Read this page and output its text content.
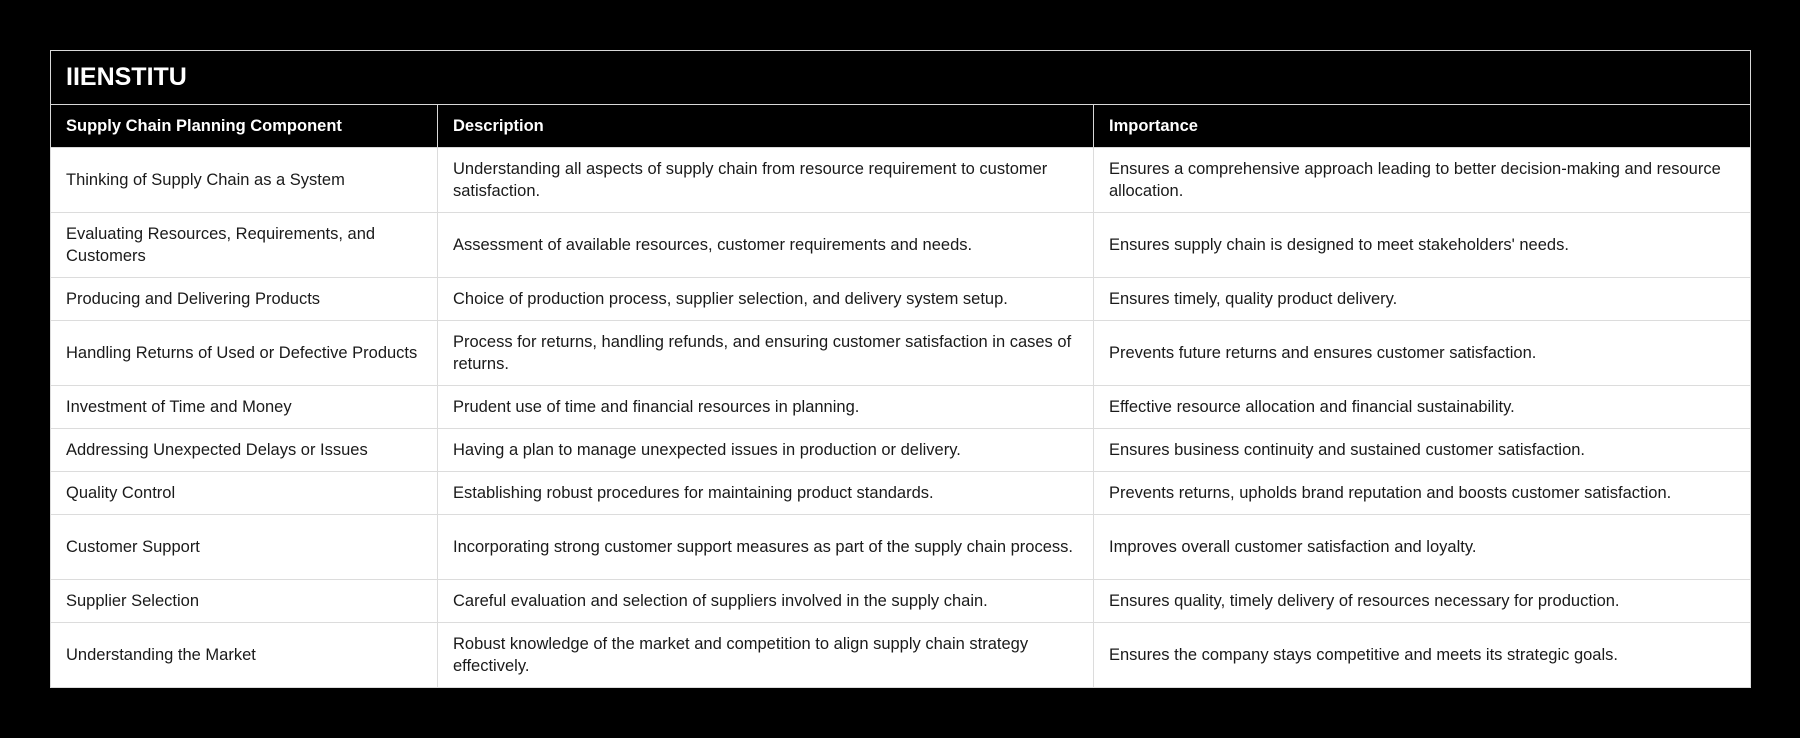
IIENSTITU		
Supply Chain Planning Component	Description	Importance
Thinking of Supply Chain as a System	Understanding all aspects of supply chain from resource requirement to customer satisfaction.	Ensures a comprehensive approach leading to better decision-making and resource allocation.
Evaluating Resources, Requirements, and Customers	Assessment of available resources, customer requirements and needs.	Ensures supply chain is designed to meet stakeholders' needs.
Producing and Delivering Products	Choice of production process, supplier selection, and delivery system setup.	Ensures timely, quality product delivery.
Handling Returns of Used or Defective Products	Process for returns, handling refunds, and ensuring customer satisfaction in cases of returns.	Prevents future returns and ensures customer satisfaction.
Investment of Time and Money	Prudent use of time and financial resources in planning.	Effective resource allocation and financial sustainability.
Addressing Unexpected Delays or Issues	Having a plan to manage unexpected issues in production or delivery.	Ensures business continuity and sustained customer satisfaction.
Quality Control	Establishing robust procedures for maintaining product standards.	Prevents returns, upholds brand reputation and boosts customer satisfaction.
Customer Support	Incorporating strong customer support measures as part of the supply chain process.	Improves overall customer satisfaction and loyalty.
Supplier Selection	Careful evaluation and selection of suppliers involved in the supply chain.	Ensures quality, timely delivery of resources necessary for production.
Understanding the Market	Robust knowledge of the market and competition to align supply chain strategy effectively.	Ensures the company stays competitive and meets its strategic goals.
